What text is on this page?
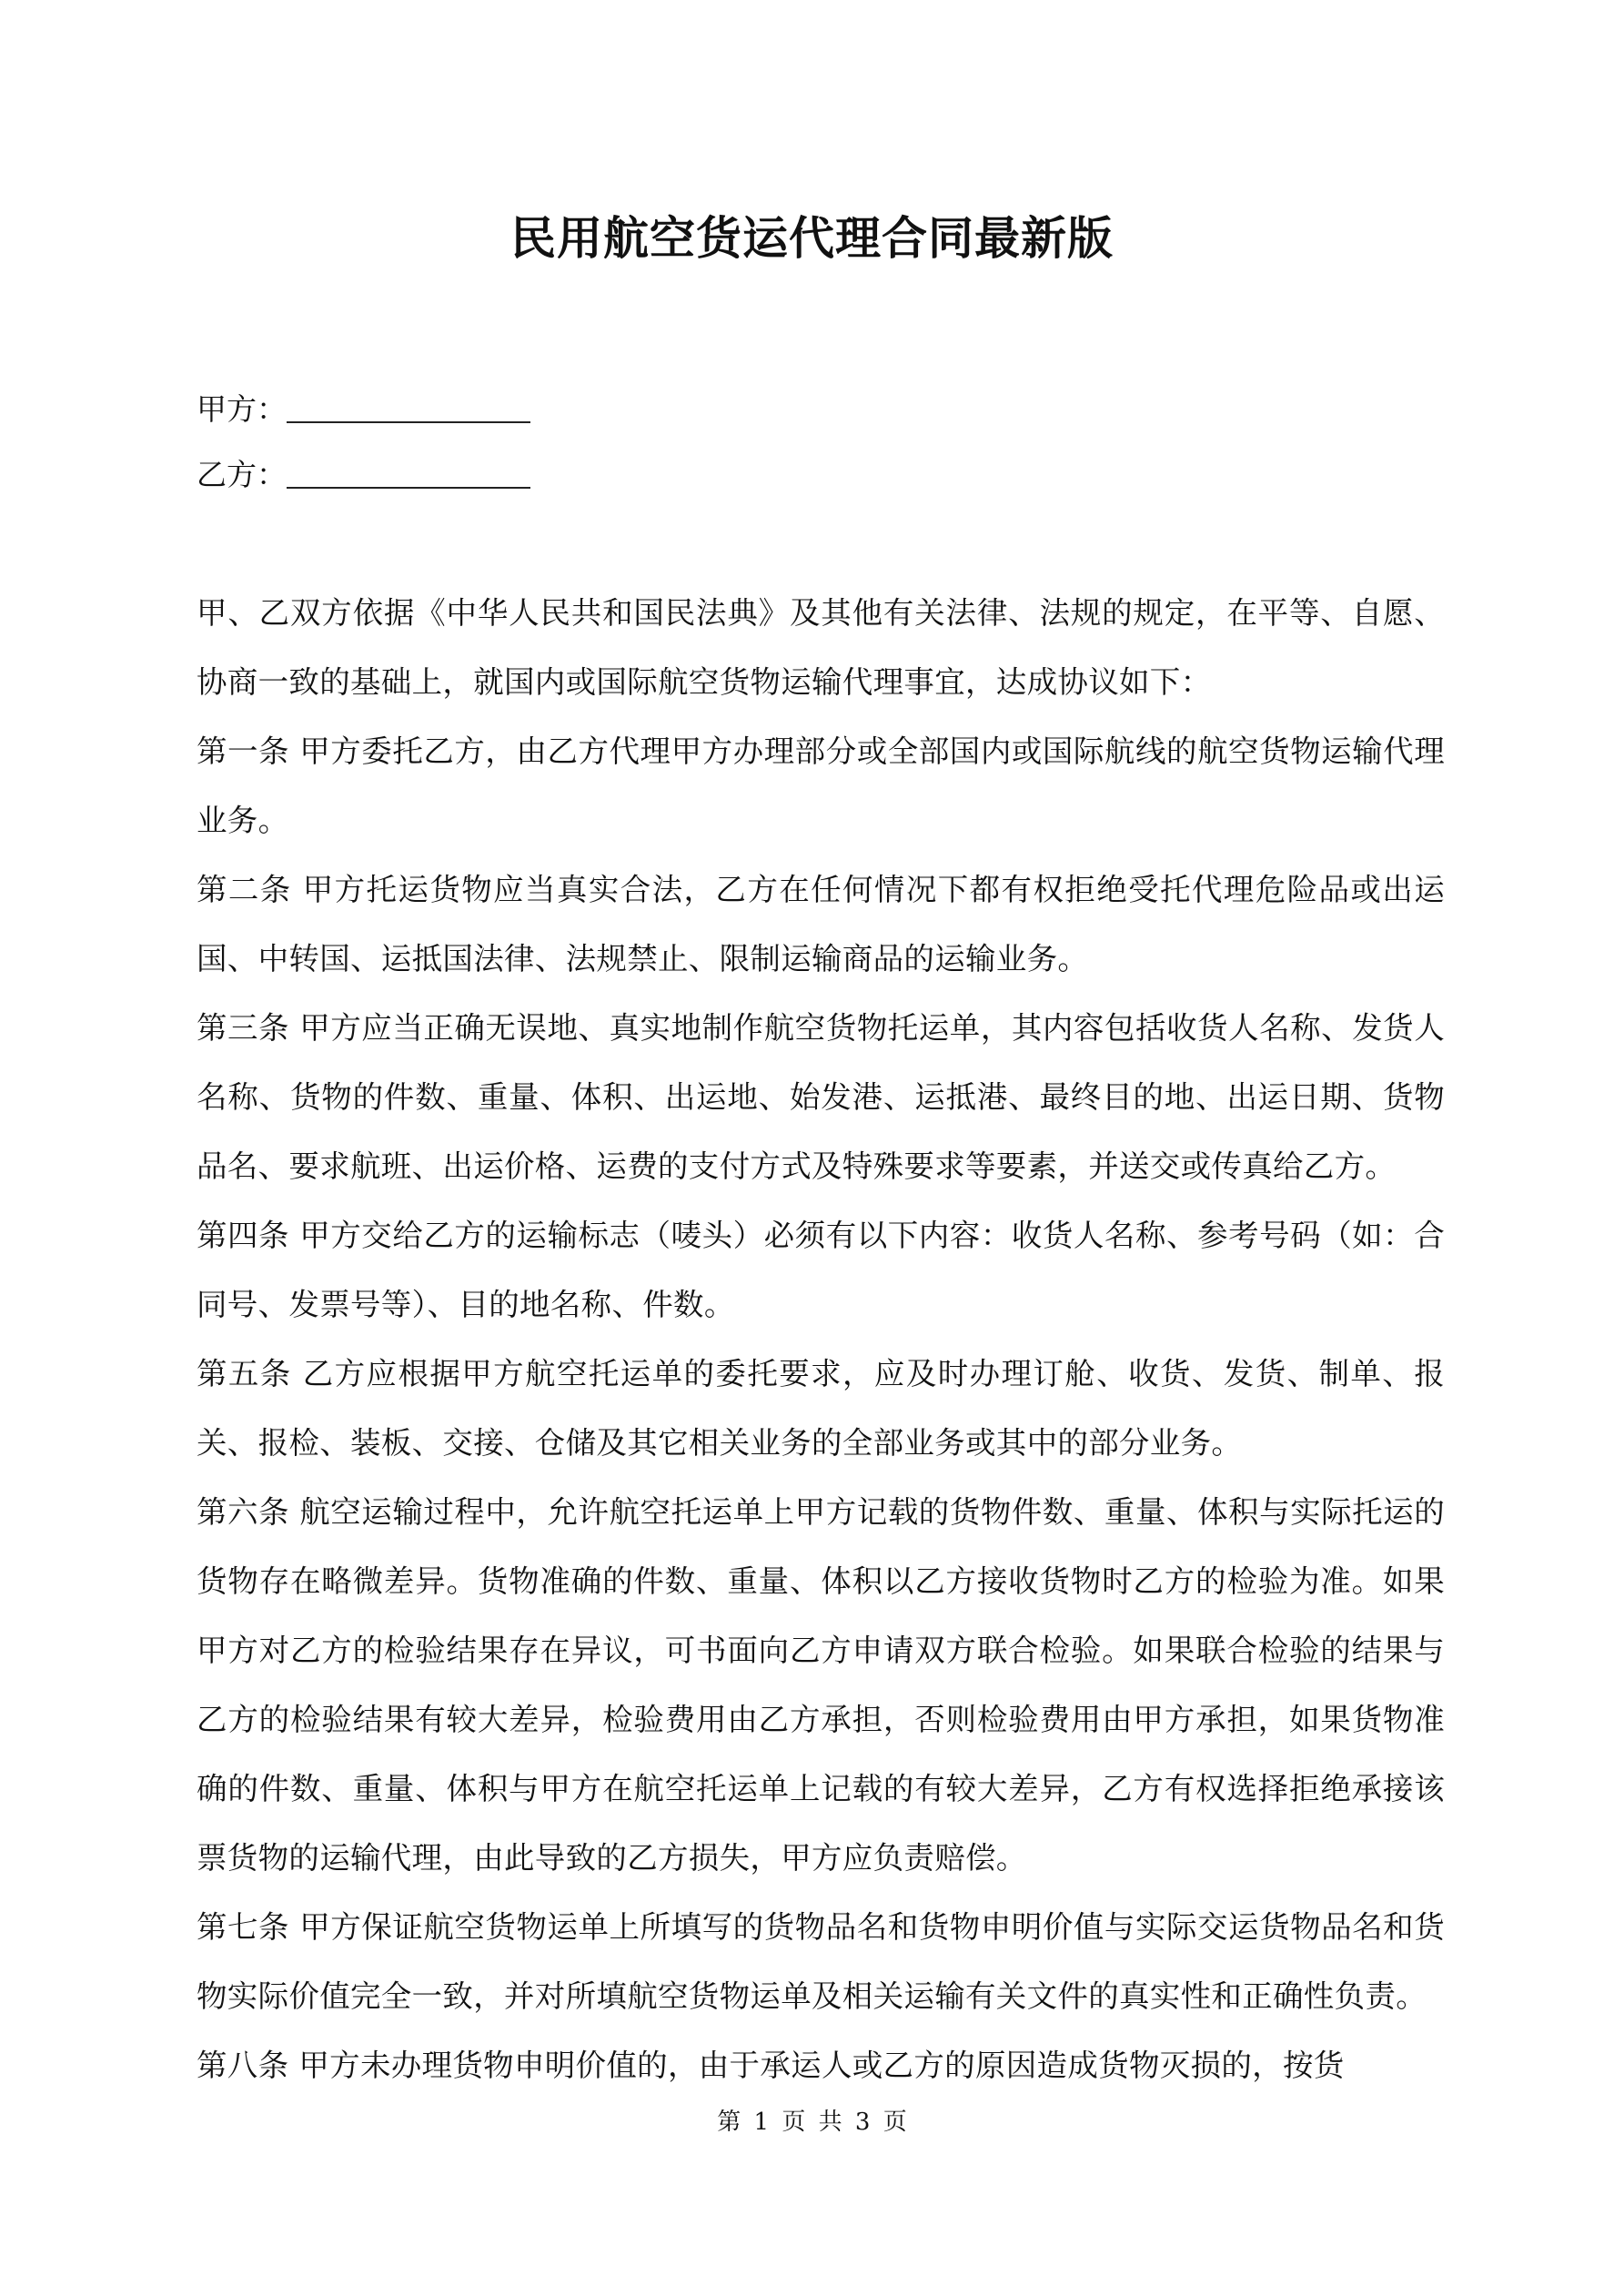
民用航空货运代理合同最新版
甲方：
乙方：

甲、乙双方依据《中华人民共和国民法典》及其他有关法律、法规的规定，在平等、自愿、协商一致的基础上，就国内或国际航空货物运输代理事宜，达成协议如下：

第一条 甲方委托乙方，由乙方代理甲方办理部分或全部国内或国际航线的航空货物运输代理业务。

第二条 甲方托运货物应当真实合法，乙方在任何情况下都有权拒绝受托代理危险品或出运国、中转国、运抵国法律、法规禁止、限制运输商品的运输业务。

第三条 甲方应当正确无误地、真实地制作航空货物托运单，其内容包括收货人名称、发货人名称、货物的件数、重量、体积、出运地、始发港、运抵港、最终目的地、出运日期、货物品名、要求航班、出运价格、运费的支付方式及特殊要求等要素，并送交或传真给乙方。

第四条 甲方交给乙方的运输标志（唛头）必须有以下内容：收货人名称、参考号码（如：合同号、发票号等）、目的地名称、件数。

第五条 乙方应根据甲方航空托运单的委托要求，应及时办理订舱、收货、发货、制单、报关、报检、装板、交接、仓储及其它相关业务的全部业务或其中的部分业务。

第六条 航空运输过程中，允许航空托运单上甲方记载的货物件数、重量、体积与实际托运的货物存在略微差异。货物准确的件数、重量、体积以乙方接收货物时乙方的检验为准。如果甲方对乙方的检验结果存在异议，可书面向乙方申请双方联合检验。如果联合检验的结果与乙方的检验结果有较大差异，检验费用由乙方承担，否则检验费用由甲方承担，如果货物准确的件数、重量、体积与甲方在航空托运单上记载的有较大差异，乙方有权选择拒绝承接该票货物的运输代理，由此导致的乙方损失，甲方应负责赔偿。

第七条 甲方保证航空货物运单上所填写的货物品名和货物申明价值与实际交运货物品名和货物实际价值完全一致，并对所填航空货物运单及相关运输有关文件的真实性和正确性负责。

第八条 甲方未办理货物申明价值的，由于承运人或乙方的原因造成货物灭损的，按货

第 1 页 共 3 页
